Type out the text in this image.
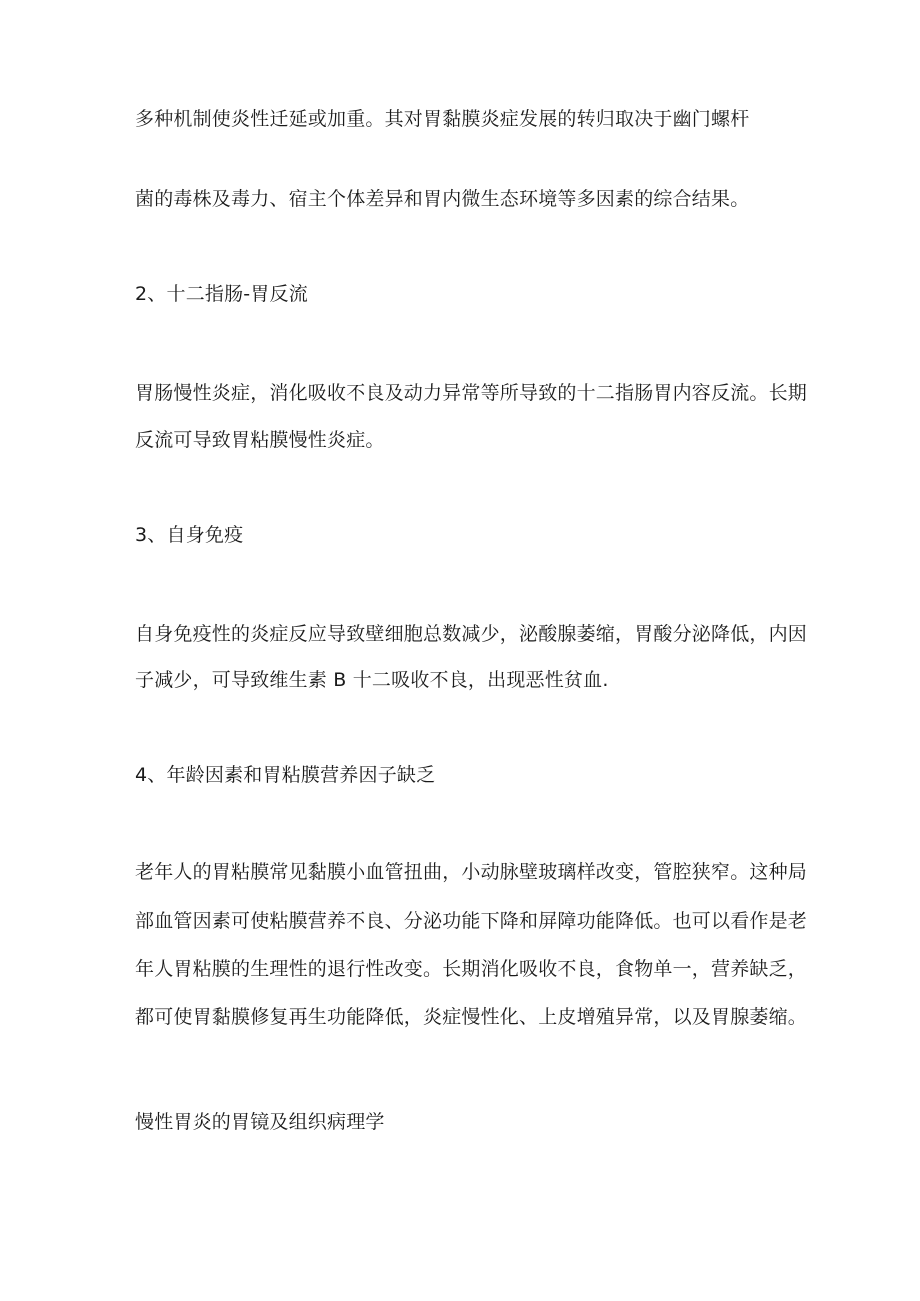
多种机制使炎性迁延或加重。其对胃黏膜炎症发展的转归取决于幽门螺杆
菌的毒株及毒力、宿主个体差异和胃内微生态环境等多因素的综合结果。
2、十二指肠-胃反流
胃肠慢性炎症，消化吸收不良及动力异常等所导致的十二指肠胃内容反流。长期
反流可导致胃粘膜慢性炎症。
3、自身免疫
自身免疫性的炎症反应导致壁细胞总数减少，泌酸腺萎缩，胃酸分泌降低，内因
子减少，可导致维生素 B 十二吸收不良，出现恶性贫血.
4、年龄因素和胃粘膜营养因子缺乏
老年人的胃粘膜常见黏膜小血管扭曲，小动脉壁玻璃样改变，管腔狭窄。这种局
部血管因素可使粘膜营养不良、分泌功能下降和屏障功能降低。也可以看作是老
年人胃粘膜的生理性的退行性改变。长期消化吸收不良，食物单一，营养缺乏，
都可使胃黏膜修复再生功能降低，炎症慢性化、上皮增殖异常，以及胃腺萎缩。
慢性胃炎的胃镜及组织病理学
